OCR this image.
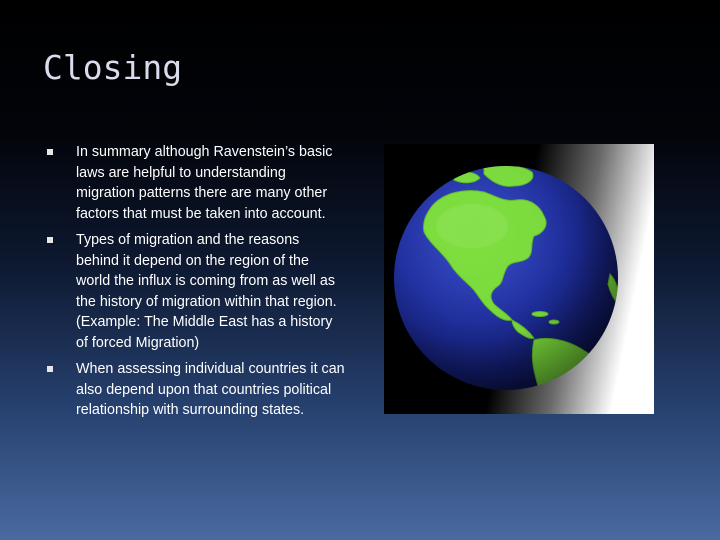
Closing
In summary although Ravenstein’s basic laws are helpful to understanding migration patterns there are many other factors that must be taken into account.
Types of migration and the reasons behind it depend on the region of the world the influx is coming from as well as the history of migration within that region. (Example: The Middle East has a history of forced Migration)
When assessing individual countries it can also depend upon that countries political relationship with surrounding states.
